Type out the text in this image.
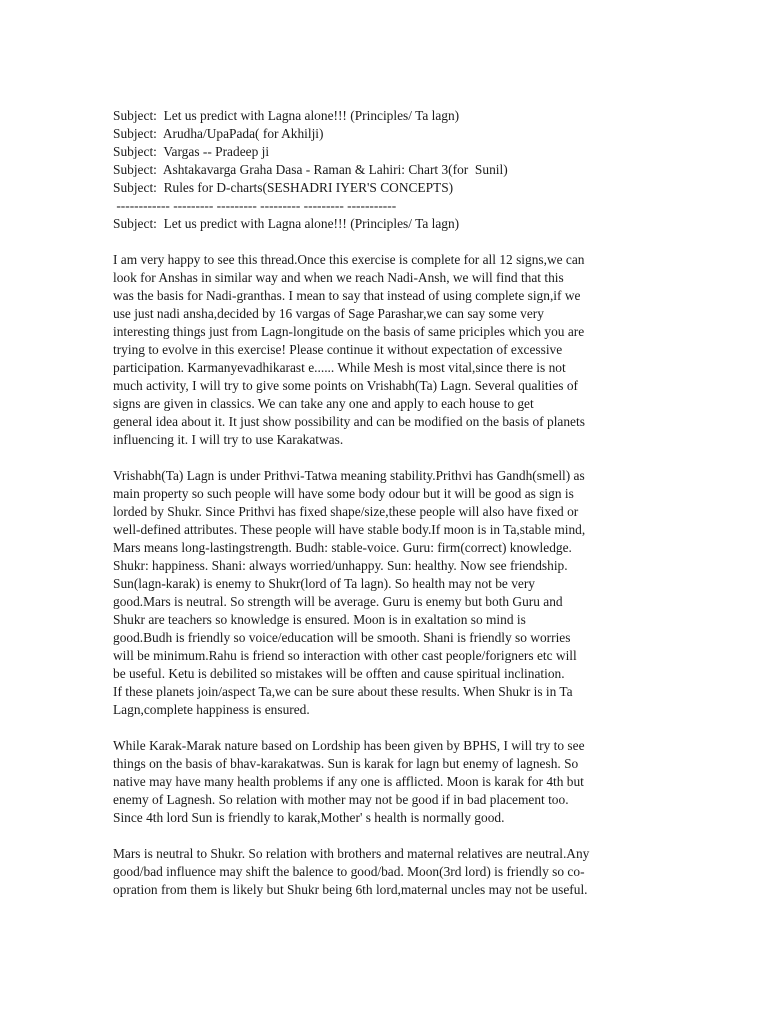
Subject:  Let us predict with Lagna alone!!! (Principles/ Ta lagn)

Subject:  Arudha/UpaPada( for Akhilji)

Subject:  Vargas -- Pradeep ji

Subject:  Ashtakavarga Graha Dasa - Raman & Lahiri: Chart 3(for  Sunil)

Subject:  Rules for D-charts(SESHADRI IYER'S CONCEPTS)

------------ --------- --------- --------- --------- -----------

Subject:  Let us predict with Lagna alone!!! (Principles/ Ta lagn)

I am very happy to see this thread.Once this exercise is complete for all 12 signs,we can
look for Anshas in similar way and when we reach Nadi-Ansh, we will find that this
was the basis for Nadi-granthas. I mean to say that instead of using complete sign,if we
use just nadi ansha,decided by 16 vargas of Sage Parashar,we can say some very
interesting things just from Lagn-longitude on the basis of same priciples which you are
trying to evolve in this exercise! Please continue it without expectation of excessive
participation. Karmanyevadhikarast e...... While Mesh is most vital,since there is not
much activity, I will try to give some points on Vrishabh(Ta) Lagn. Several qualities of
signs are given in classics. We can take any one and apply to each house to get
general idea about it. It just show possibility and can be modified on the basis of planets
influencing it. I will try to use Karakatwas.

Vrishabh(Ta) Lagn is under Prithvi-Tatwa meaning stability.Prithvi has Gandh(smell) as
main property so such people will have some body odour but it will be good as sign is
lorded by Shukr. Since Prithvi has fixed shape/size,these people will also have fixed or
well-defined attributes. These people will have stable body.If moon is in Ta,stable mind,
Mars means long-lastingstrength. Budh: stable-voice. Guru: firm(correct) knowledge.
Shukr: happiness. Shani: always worried/unhappy. Sun: healthy. Now see friendship.
Sun(lagn-karak) is enemy to Shukr(lord of Ta lagn). So health may not be very
good.Mars is neutral. So strength will be average. Guru is enemy but both Guru and
Shukr are teachers so knowledge is ensured. Moon is in exaltation so mind is
good.Budh is friendly so voice/education will be smooth. Shani is friendly so worries
will be minimum.Rahu is friend so interaction with other cast people/forigners etc will
be useful. Ketu is debilited so mistakes will be offten and cause spiritual inclination.
If these planets join/aspect Ta,we can be sure about these results. When Shukr is in Ta
Lagn,complete happiness is ensured.

While Karak-Marak nature based on Lordship has been given by BPHS, I will try to see
things on the basis of bhav-karakatwas. Sun is karak for lagn but enemy of lagnesh. So
native may have many health problems if any one is afflicted. Moon is karak for 4th but
enemy of Lagnesh. So relation with mother may not be good if in bad placement too.
Since 4th lord Sun is friendly to karak,Mother' s health is normally good.

Mars is neutral to Shukr. So relation with brothers and maternal relatives are neutral.Any
good/bad influence may shift the balence to good/bad. Moon(3rd lord) is friendly so co-
opration from them is likely but Shukr being 6th lord,maternal uncles may not be useful.
